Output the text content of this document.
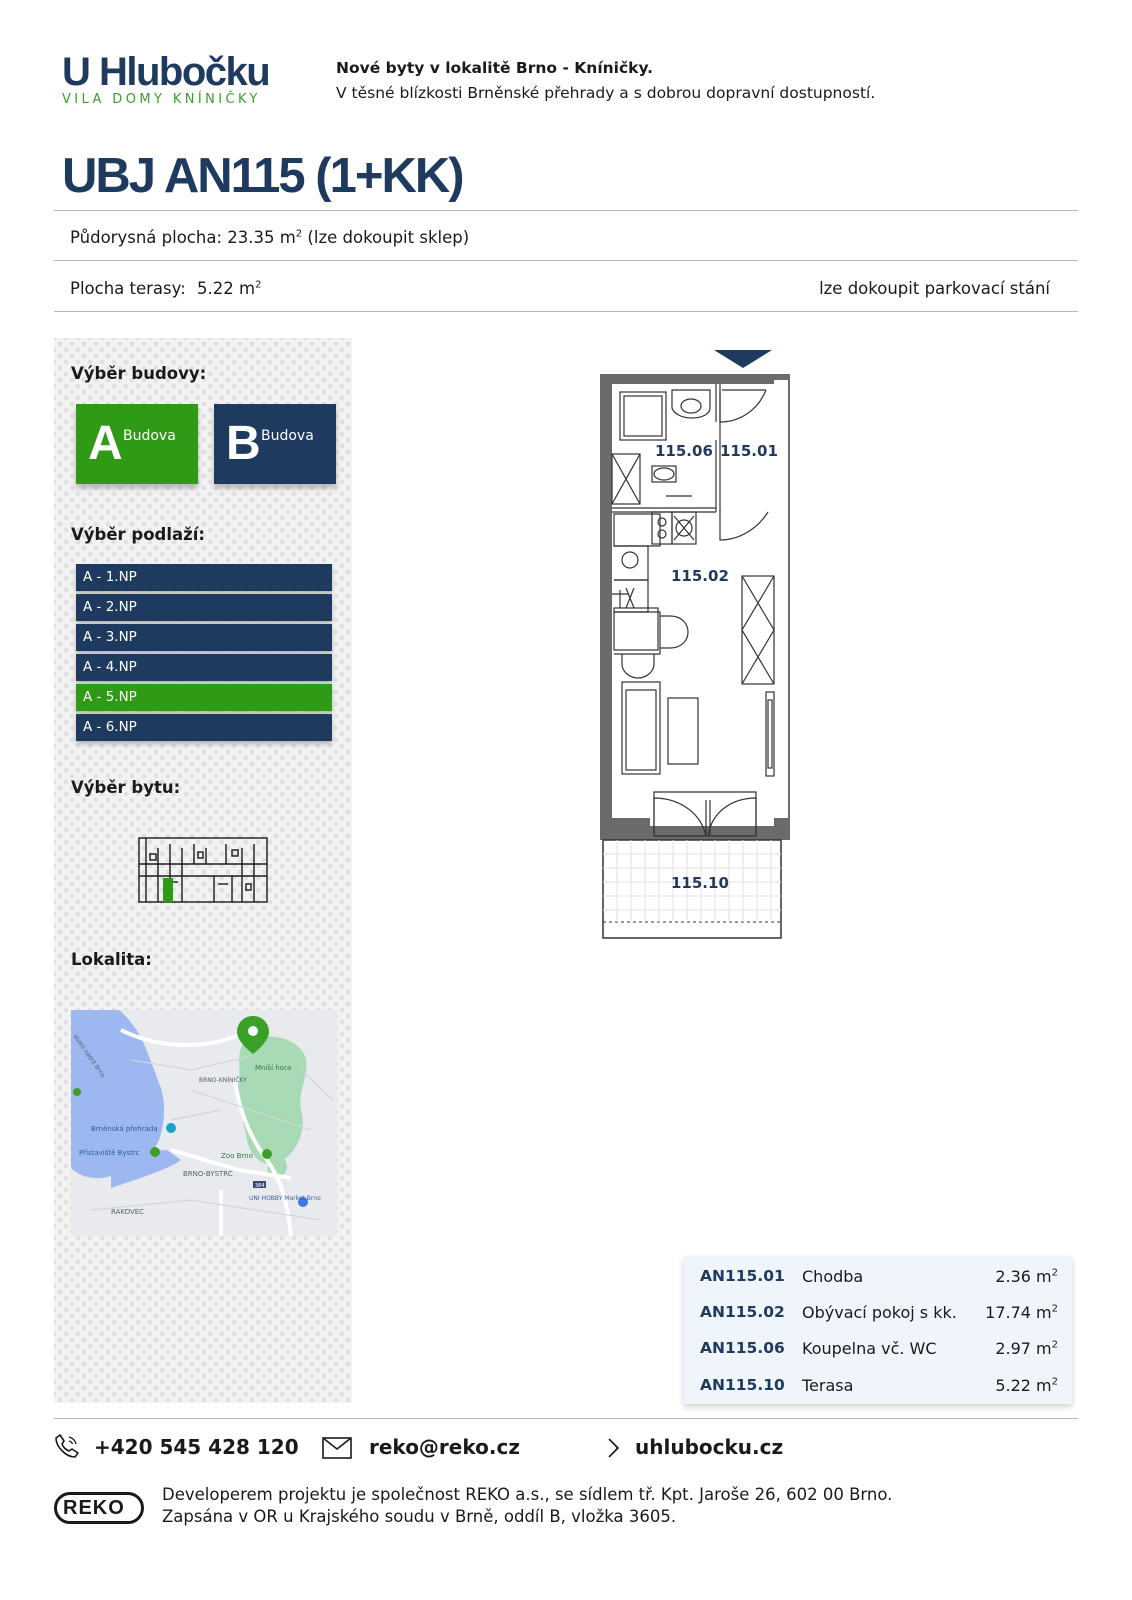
U Hlubočku
VILA DOMY KNÍNIČKY
Nové byty v lokalitě Brno - Kníničky.
V těsné blízkosti Brněnské přehrady a s dobrou dopravní dostupností.
UBJ AN115 (1+KK)
Půdorysná plocha: 23.35 $m^2$ (lze dokoupit sklep)
Plocha terasy: 5.22 $m^2$	lze dokoupit parkovací stání
Výběr budovy:
A Budova B Budova
Výběr podlaží:
A - 1.NP
A - 2.NP
A - 3.NP
A - 4.NP
A - 5.NP
A - 6.NP
Výběr bytu:
Lokalita:
Vodní nádrž Brno
BRNO-KNÍNIČKY
Mniší hora
Brněnská přehrada
Přístaviště Bystrc	Zoo Brno
BRNO-BYSTRC
384
UNI HOBBY Market Brno
RAKOVEC
115.06 115.01
115.02
115.10
AN115.01 Chodba	2.36 $m^2$
AN115.02 Obývací pokoj s kk. 17.74 $m^2$
AN115.06 Koupelna vč. WC	2.97 $m^2$
AN115.10 Terasa	5.22 $m^2$
+420 545 428 120	reko@reko.cz	uhlubocku.cz
REKO
Developerem projektu je společnost REKO a.s., se sídlem tř. Kpt. Jaroše 26, 602 00 Brno.
Zapsána v OR u Krajského soudu v Brně, oddíl B, vložka 3605.
